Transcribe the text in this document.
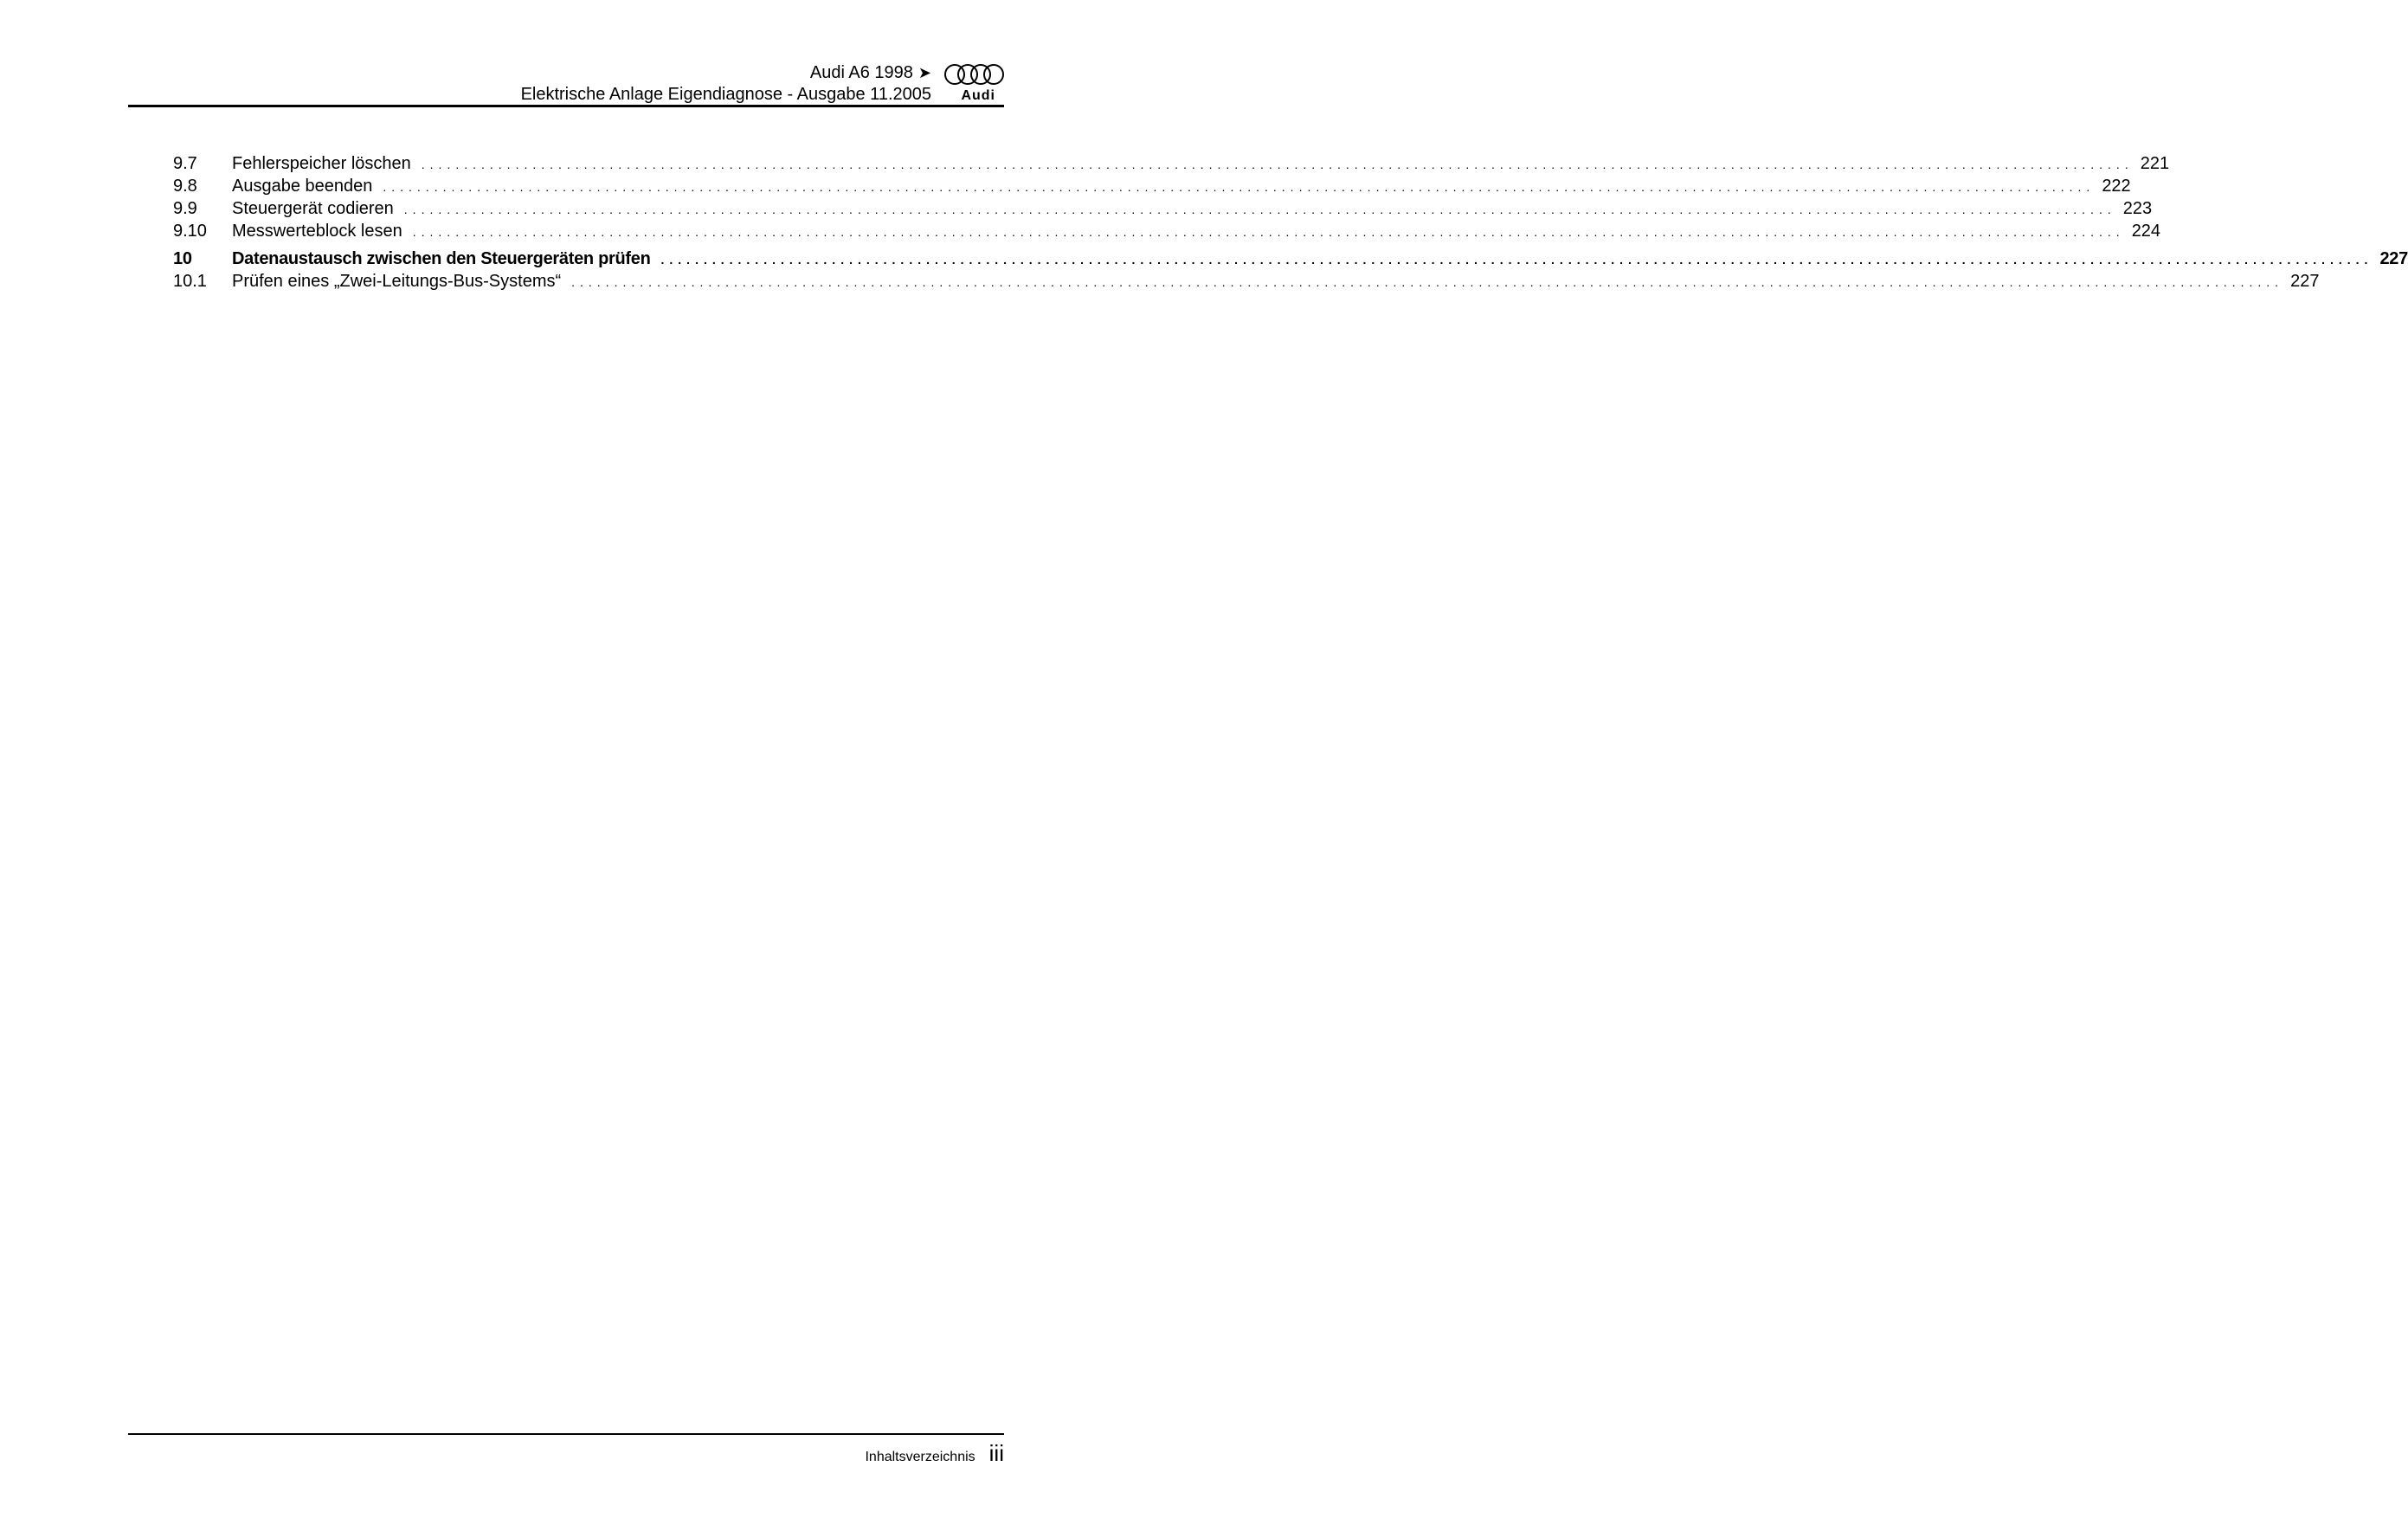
Audi A6 1998 ➤
Elektrische Anlage Eigendiagnose - Ausgabe 11.2005 Audi
9.7	Fehlerspeicher löschen ........................................................................................................................................................................................................ 221
9.8	Ausgabe beenden ........................................................................................................................................................................................................ 222
9.9	Steuergerät codieren ........................................................................................................................................................................................................ 223
9.10	Messwerteblock lesen ........................................................................................................................................................................................................ 224
10	Datenaustausch zwischen den Steuergeräten prüfen ........................................................................................................................................................................................................ 227
10.1	Prüfen eines „Zwei-Leitungs-Bus-Systems“ ........................................................................................................................................................................................................ 227
Inhaltsverzeichnis iii
